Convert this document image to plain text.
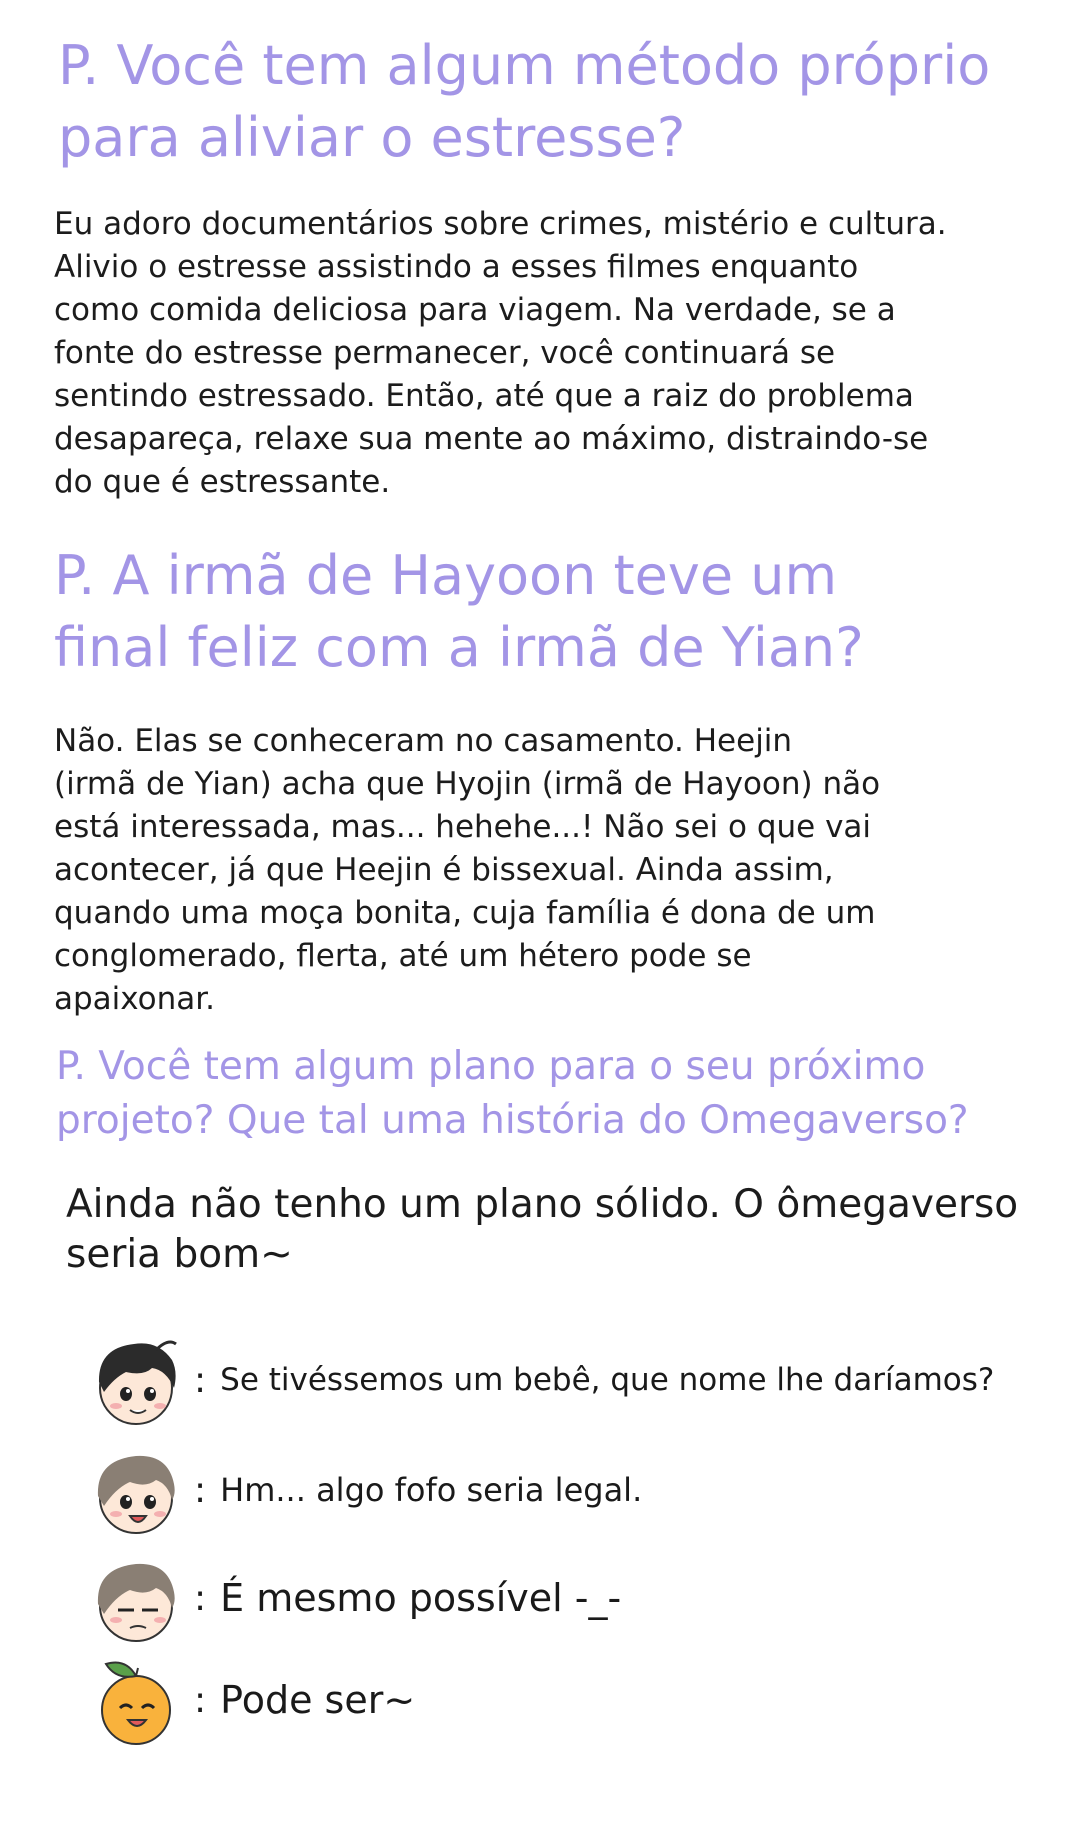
P. Você tem algum método próprio
para aliviar o estresse?

Eu adoro documentários sobre crimes, mistério e cultura.
Alivio o estresse assistindo a esses filmes enquanto
como comida deliciosa para viagem. Na verdade, se a
fonte do estresse permanecer, você continuará se
sentindo estressado. Então, até que a raiz do problema
desapareça, relaxe sua mente ao máximo, distraindo-se
do que é estressante.

P. A irmã de Hayoon teve um
final feliz com a irmã de Yian?

Não. Elas se conheceram no casamento. Heejin
(irmã de Yian) acha que Hyojin (irmã de Hayoon) não
está interessada, mas... hehehe...! Não sei o que vai
acontecer, já que Heejin é bissexual. Ainda assim,
quando uma moça bonita, cuja família é dona de um
conglomerado, flerta, até um hétero pode se
apaixonar.

P. Você tem algum plano para o seu próximo
projeto? Que tal uma história do Omegaverso?

Ainda não tenho um plano sólido. O ômegaverso
seria bom~

: Se tivéssemos um bebê, que nome lhe daríamos?
: Hm... algo fofo seria legal.
: É mesmo possível -_-
: Pode ser~
